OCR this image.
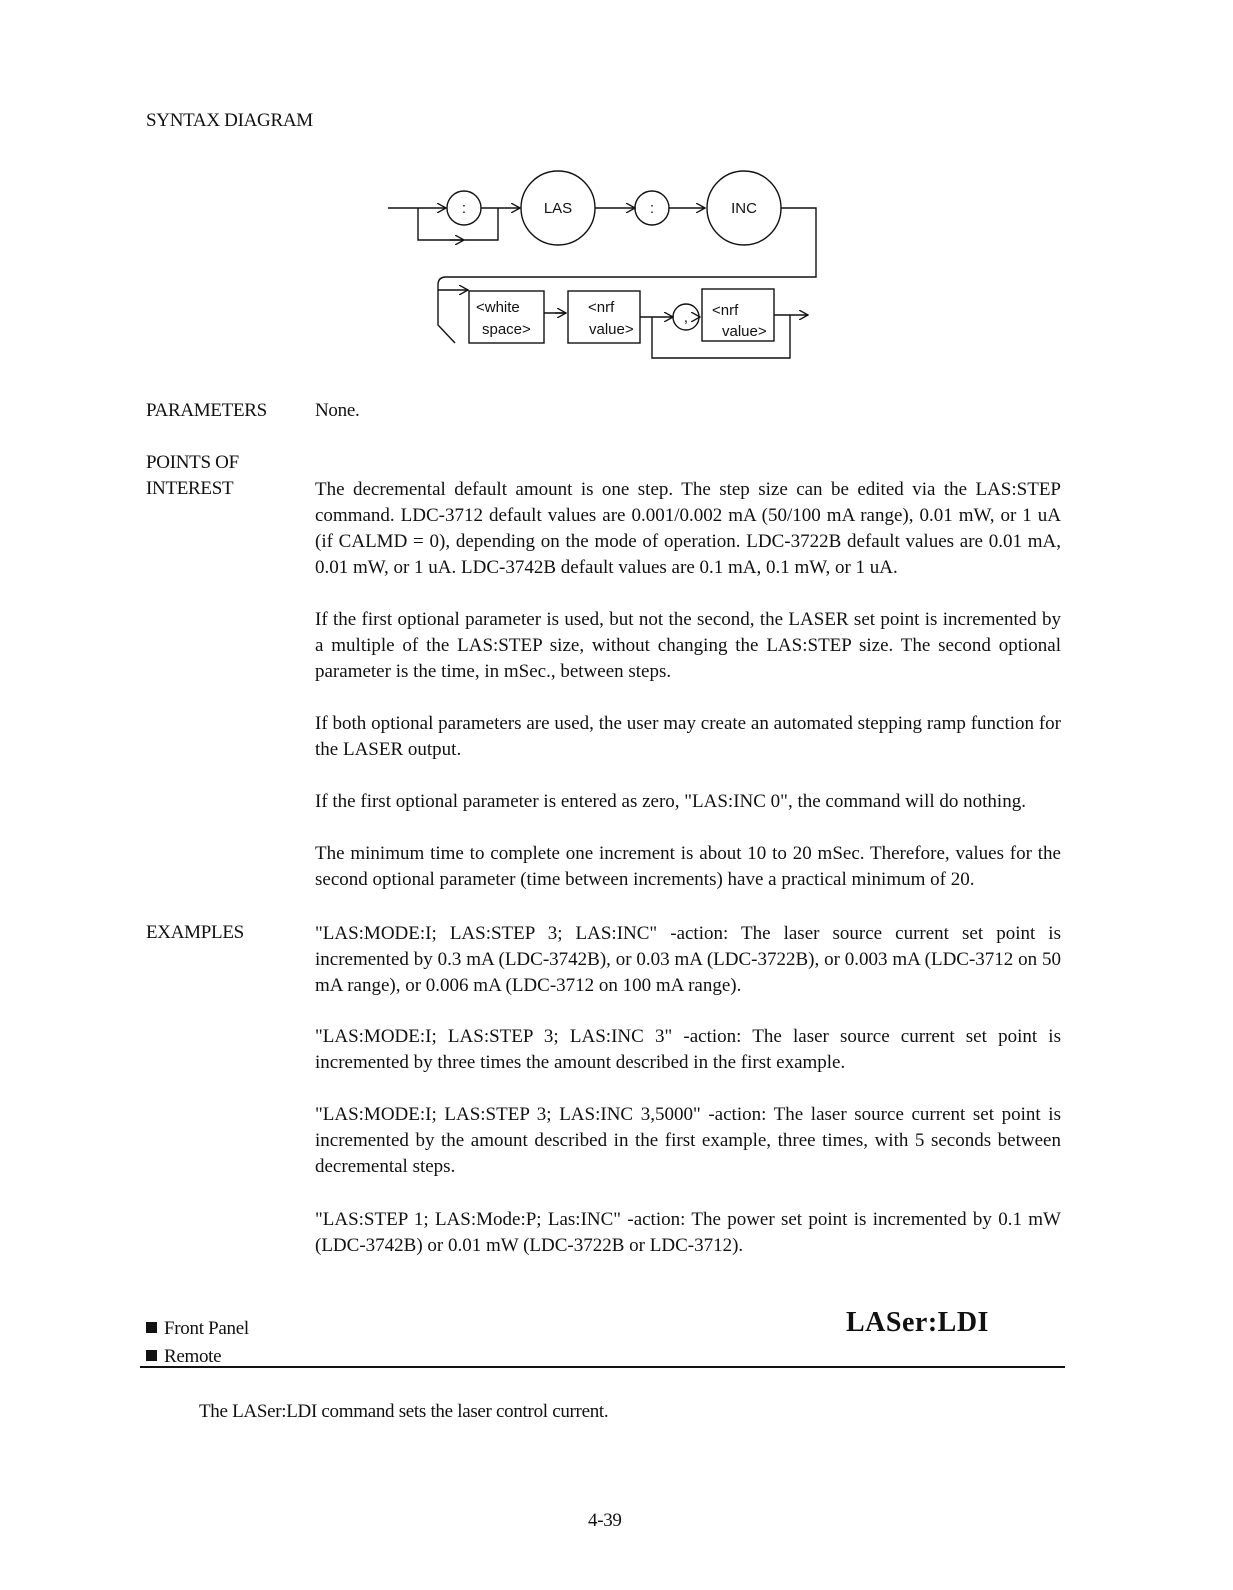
SYNTAX DIAGRAM
:	LAS	:	INC
<white
space>
<nrf
value>
, <nrf
value>
PARAMETERS	None.
POINTS OF
INTEREST	The decremental default amount is one step. The step size can be edited via the LAS:STEP command. LDC-3712 default values are 0.001/0.002 mA (50/100 mA range), 0.01 mW, or 1 uA (if CALMD = 0), depending on the mode of operation. LDC-3722B default values are 0.01 mA, 0.01 mW, or 1 uA. LDC-3742B default values are 0.1 mA, 0.1 mW, or 1 uA.

If the first optional parameter is used, but not the second, the LASER set point is incremented by a multiple of the LAS:STEP size, without changing the LAS:STEP size. The second optional parameter is the time, in mSec., between steps.

If both optional parameters are used, the user may create an automated stepping ramp function for the LASER output.

If the first optional parameter is entered as zero, "LAS:INC 0", the command will do nothing.

The minimum time to complete one increment is about 10 to 20 mSec. Therefore, values for the second optional parameter (time between increments) have a practical minimum of 20.

EXAMPLES	"LAS:MODE:I; LAS:STEP 3; LAS:INC" -action: The laser source current set point is incremented by 0.3 mA (LDC-3742B), or 0.03 mA (LDC-3722B), or 0.003 mA (LDC-3712 on 50 mA range), or 0.006 mA (LDC-3712 on 100 mA range).

"LAS:MODE:I; LAS:STEP 3; LAS:INC 3" -action: The laser source current set point is incremented by three times the amount described in the first example.

"LAS:MODE:I; LAS:STEP 3; LAS:INC 3,5000" -action: The laser source current set point is incremented by the amount described in the first example, three times, with 5 seconds between decremental steps.

"LAS:STEP 1; LAS:Mode:P; Las:INC" -action: The power set point is incremented by 0.1 mW (LDC-3742B) or 0.01 mW (LDC-3722B or LDC-3712).

Front Panel
Remote
LASer:LDI
The LASer:LDI command sets the laser control current.
4-39
